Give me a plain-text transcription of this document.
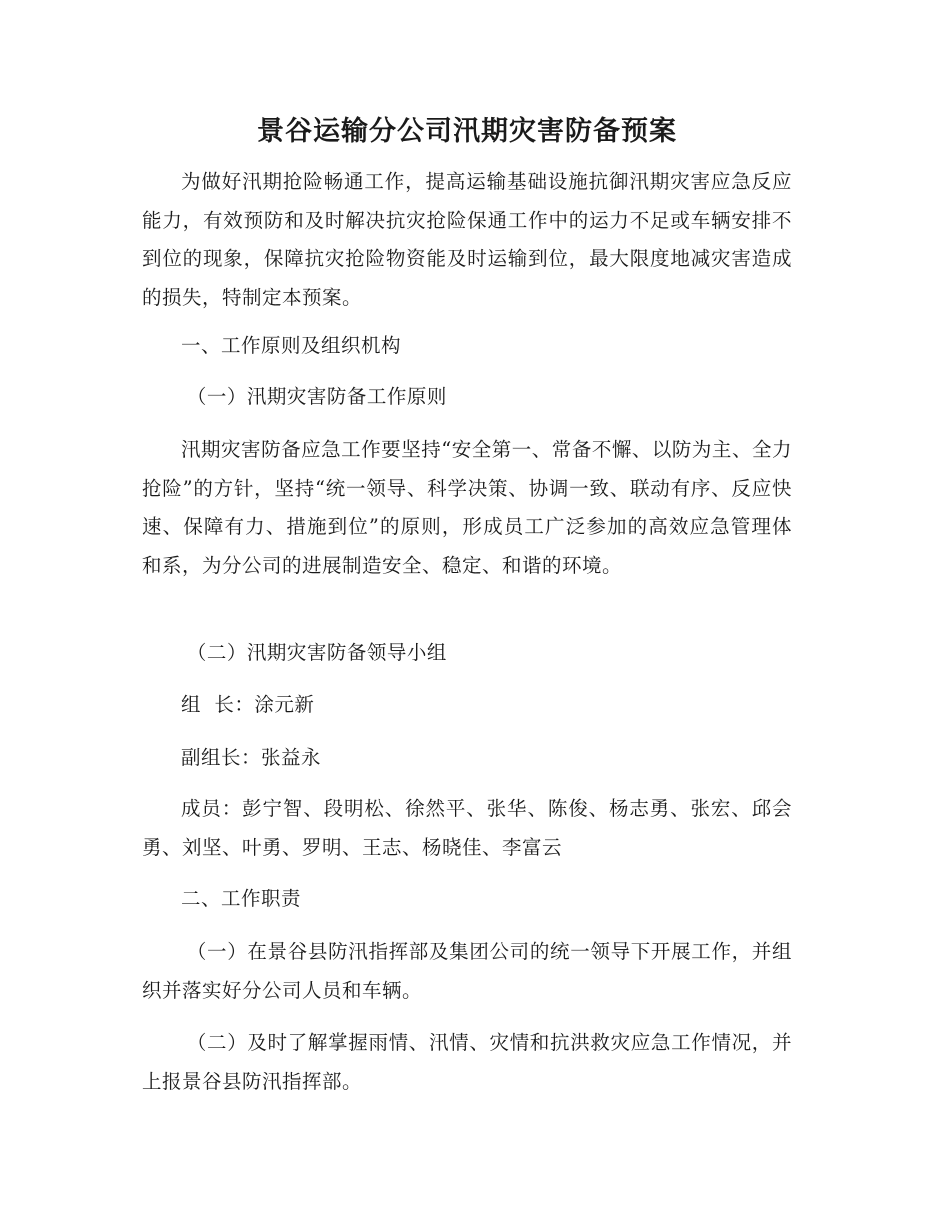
景谷运输分公司汛期灾害防备预案

为做好汛期抢险畅通工作，提高运输基础设施抗御汛期灾害应急反应能力，有效预防和及时解决抗灾抢险保通工作中的运力不足或车辆安排不到位的现象，保障抗灾抢险物资能及时运输到位，最大限度地减灾害造成的损失，特制定本预案。

一、工作原则及组织机构

（一）汛期灾害防备工作原则

汛期灾害防备应急工作要坚持“安全第一、常备不懈、以防为主、全力抢险”的方针，坚持“统一领导、科学决策、协调一致、联动有序、反应快速、保障有力、措施到位”的原则，形成员工广泛参加的高效应急管理体和系，为分公司的进展制造安全、稳定、和谐的环境。

（二）汛期灾害防备领导小组

组  长：涂元新

副组长：张益永

成员：彭宁智、段明松、徐然平、张华、陈俊、杨志勇、张宏、邱会勇、刘坚、叶勇、罗明、王志、杨晓佳、李富云

二、工作职责

（一）在景谷县防汛指挥部及集团公司的统一领导下开展工作，并组织并落实好分公司人员和车辆。

（二）及时了解掌握雨情、汛情、灾情和抗洪救灾应急工作情况，并上报景谷县防汛指挥部。
